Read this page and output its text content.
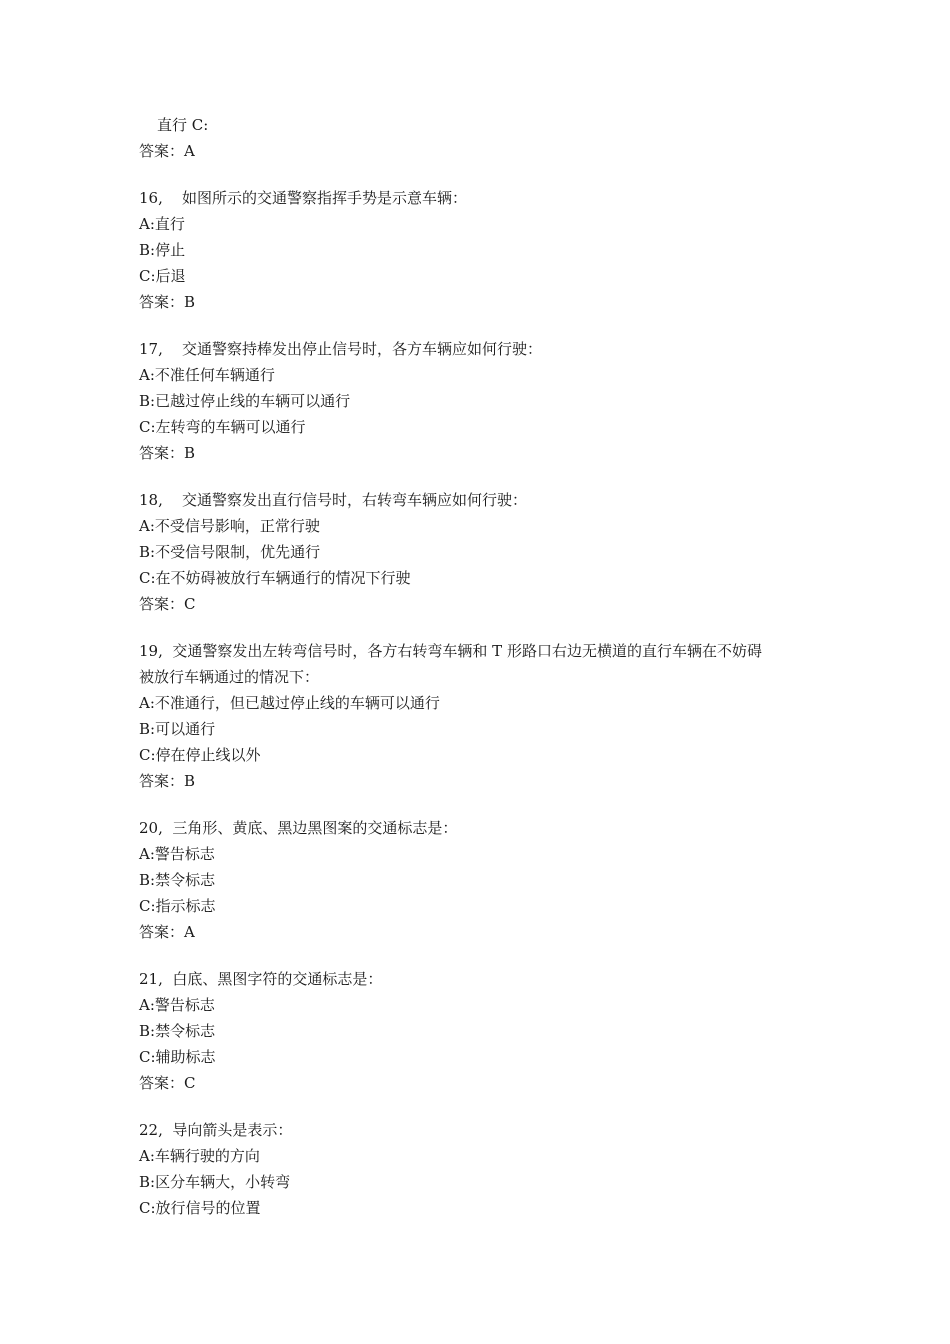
直行 C:
答案：A
16, 如图所示的交通警察指挥手势是示意车辆：
A:直行
B:停止
C:后退
答案：B
17, 交通警察持棒发出停止信号时，各方车辆应如何行驶：
A:不准任何车辆通行
B:已越过停止线的车辆可以通行
C:左转弯的车辆可以通行
答案：B
18, 交通警察发出直行信号时，右转弯车辆应如何行驶：
A:不受信号影响，正常行驶
B:不受信号限制，优先通行
C:在不妨碍被放行车辆通行的情况下行驶
答案：C
19, 交通警察发出左转弯信号时，各方右转弯车辆和 T 形路口右边无横道的直行车辆在不妨碍
被放行车辆通过的情况下：
A:不准通行，但已越过停止线的车辆可以通行
B:可以通行
C:停在停止线以外
答案：B
20, 三角形、黄底、黑边黑图案的交通标志是：
A:警告标志
B:禁令标志
C:指示标志
答案：A
21, 白底、黑图字符的交通标志是：
A:警告标志
B:禁令标志
C:辅助标志
答案：C
22, 导向箭头是表示：
A:车辆行驶的方向
B:区分车辆大，小转弯
C:放行信号的位置
